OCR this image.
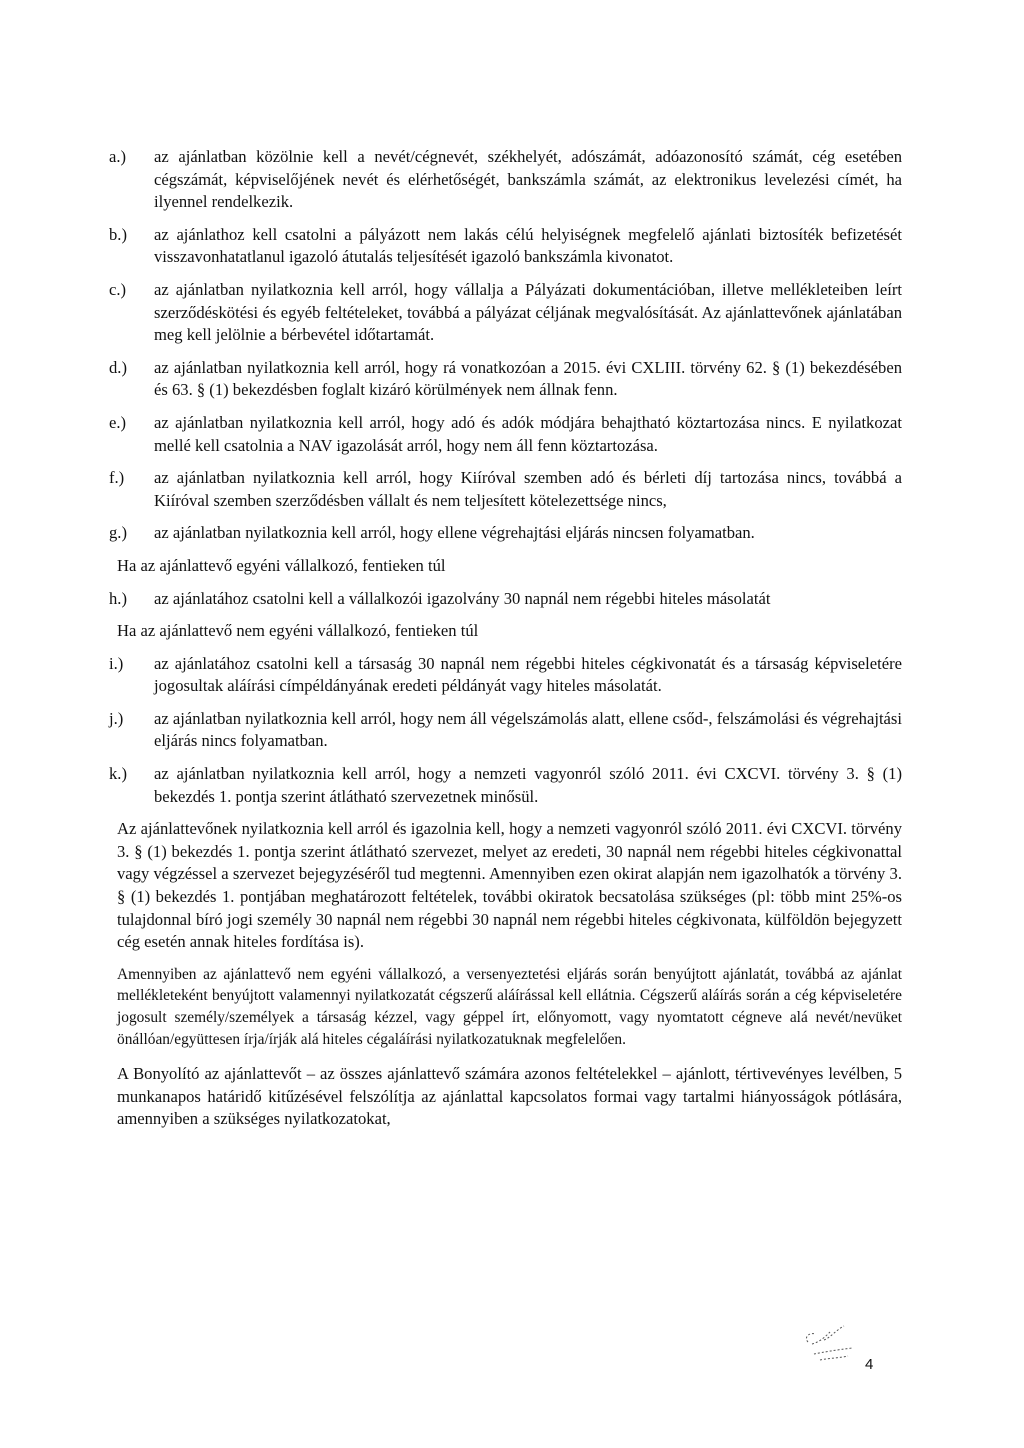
a.) az ajánlatban közölnie kell a nevét/cégnevét, székhelyét, adószámát, adóazonosító számát, cég esetében cégszámát, képviselőjének nevét és elérhetőségét, bankszámla számát, az elektronikus levelezési címét, ha ilyennel rendelkezik.
b.) az ajánlathoz kell csatolni a pályázott nem lakás célú helyiségnek megfelelő ajánlati biztosíték befizetését visszavonhatatlanul igazoló átutalás teljesítését igazoló bankszámla kivonatot.
c.) az ajánlatban nyilatkoznia kell arról, hogy vállalja a Pályázati dokumentációban, illetve mellékleteiben leírt szerződéskötési és egyéb feltételeket, továbbá a pályázat céljának megvalósítását. Az ajánlattevőnek ajánlatában meg kell jelölnie a bérbevétel időtartamát.
d.) az ajánlatban nyilatkoznia kell arról, hogy rá vonatkozóan a 2015. évi CXLIII. törvény 62. § (1) bekezdésében és 63. § (1) bekezdésben foglalt kizáró körülmények nem állnak fenn.
e.) az ajánlatban nyilatkoznia kell arról, hogy adó és adók módjára behajtható köztartozása nincs. E nyilatkozat mellé kell csatolnia a NAV igazolását arról, hogy nem áll fenn köztartozása.
f.) az ajánlatban nyilatkoznia kell arról, hogy Kiíróval szemben adó és bérleti díj tartozása nincs, továbbá a Kiíróval szemben szerződésben vállalt és nem teljesített kötelezettsége nincs,
g.) az ajánlatban nyilatkoznia kell arról, hogy ellene végrehajtási eljárás nincsen folyamatban.

Ha az ajánlattevő egyéni vállalkozó, fentieken túl

h.) az ajánlatához csatolni kell a vállalkozói igazolvány 30 napnál nem régebbi hiteles másolatát

Ha az ajánlattevő nem egyéni vállalkozó, fentieken túl

i.) az ajánlatához csatolni kell a társaság 30 napnál nem régebbi hiteles cégkivonatát és a társaság képviseletére jogosultak aláírási címpéldányának eredeti példányát vagy hiteles másolatát.
j.) az ajánlatban nyilatkoznia kell arról, hogy nem áll végelszámolás alatt, ellene csőd-, felszámolási és végrehajtási eljárás nincs folyamatban.
k.) az ajánlatban nyilatkoznia kell arról, hogy a nemzeti vagyonról szóló 2011. évi CXCVI. törvény 3. § (1) bekezdés 1. pontja szerint átlátható szervezetnek minősül.

Az ajánlattevőnek nyilatkoznia kell arról és igazolnia kell, hogy a nemzeti vagyonról szóló 2011. évi CXCVI. törvény 3. § (1) bekezdés 1. pontja szerint átlátható szervezet, melyet az eredeti, 30 napnál nem régebbi hiteles cégkivonattal vagy végzéssel a szervezet bejegyzéséről tud megtenni. Amennyiben ezen okirat alapján nem igazolhatók a törvény 3. § (1) bekezdés 1. pontjában meghatározott feltételek, további okiratok becsatolása szükséges (pl: több mint 25%-os tulajdonnal bíró jogi személy 30 napnál nem régebbi 30 napnál nem régebbi hiteles cégkivonata, külföldön bejegyzett cég esetén annak hiteles fordítása is).

Amennyiben az ajánlattevő nem egyéni vállalkozó, a versenyeztetési eljárás során benyújtott ajánlatát, továbbá az ajánlat mellékleteként benyújtott valamennyi nyilatkozatát cégszerű aláírással kell ellátnia. Cégszerű aláírás során a cég képviseletére jogosult személy/személyek a társaság kézzel, vagy géppel írt, előnyomott, vagy nyomtatott cégneve alá nevét/nevüket önállóan/együttesen írja/írják alá hiteles cégaláírási nyilatkozatuknak megfelelően.

A Bonyolító az ajánlattevőt – az összes ajánlattevő számára azonos feltételekkel – ajánlott, tértivevényes levélben, 5 munkanapos határidő kitűzésével felszólítja az ajánlattal kapcsolatos formai vagy tartalmi hiányosságok pótlására, amennyiben a szükséges nyilatkozatokat,

4
